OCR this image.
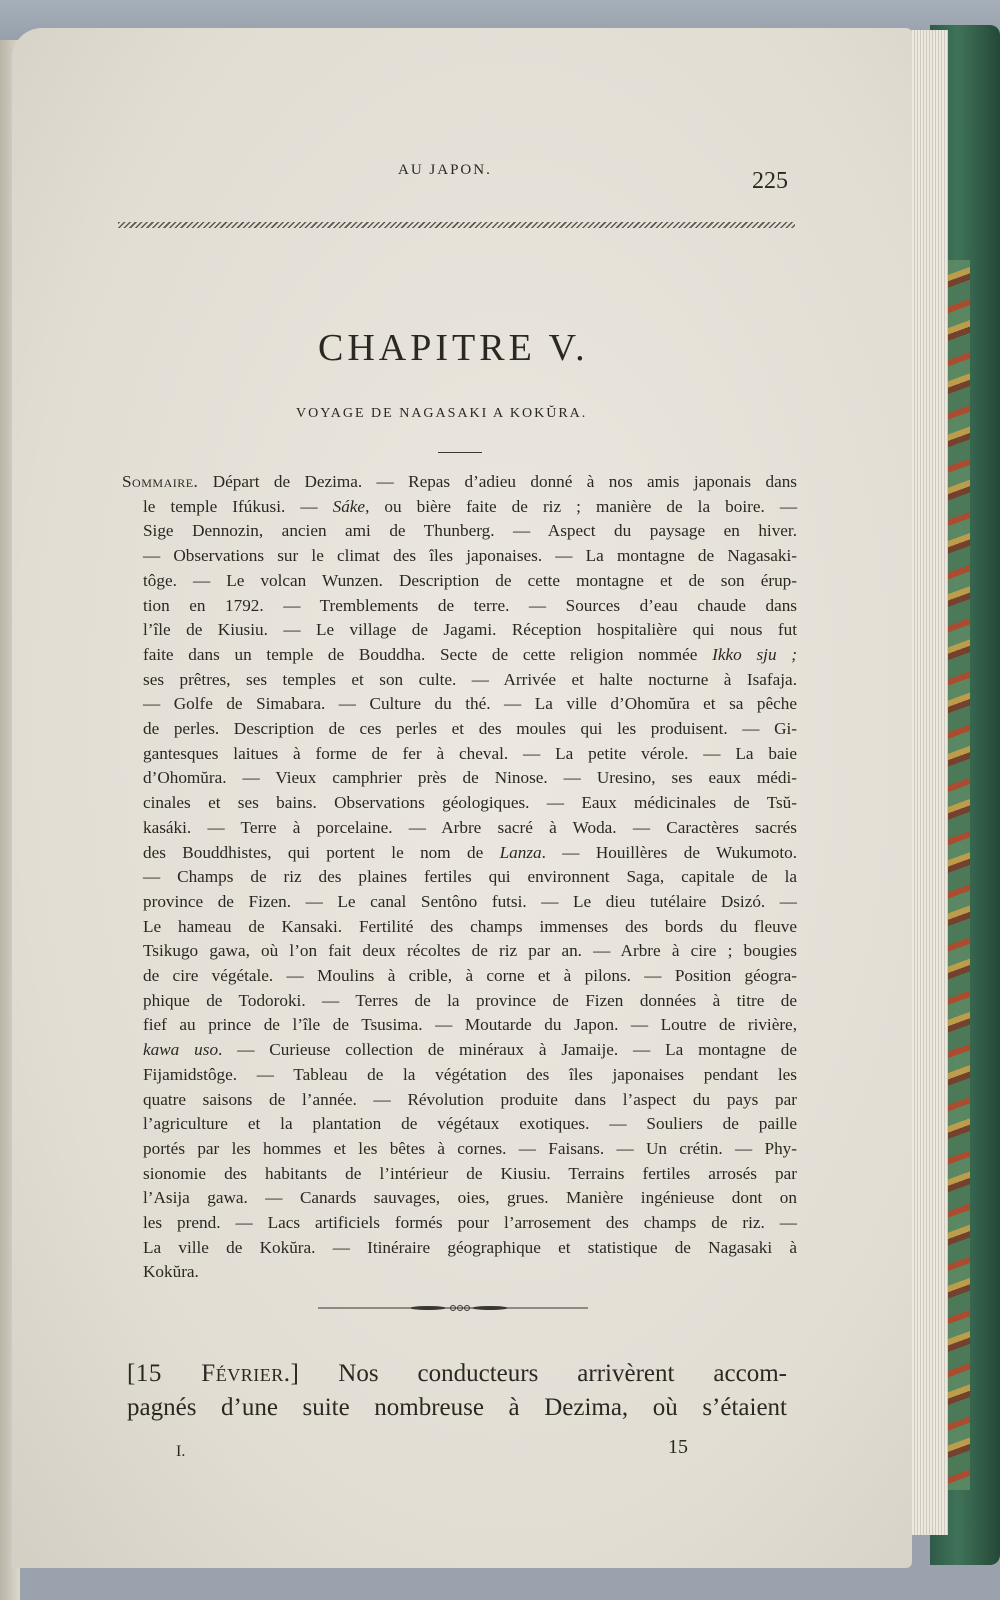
AU JAPON.	225
CHAPITRE V.
VOYAGE DE NAGASAKI A KOKŬRA.
Sommaire. Départ de Dezima. — Repas d’adieu donné à nos amis japonais dans
le temple Ifúkusi. — Sáke, ou bière faite de riz ; manière de la boire. —
Sige Dennozin, ancien ami de Thunberg. — Aspect du paysage en hiver.
— Observations sur le climat des îles japonaises. — La montagne de Nagasaki-
tôge. — Le volcan Wunzen. Description de cette montagne et de son érup-
tion en 1792. — Tremblements de terre. — Sources d’eau chaude dans
l’île de Kiusiu. — Le village de Jagami. Réception hospitalière qui nous fut
faite dans un temple de Bouddha. Secte de cette religion nommée Ikko sju ;
ses prêtres, ses temples et son culte. — Arrivée et halte nocturne à Isafaja.
— Golfe de Simabara. — Culture du thé. — La ville d’Ohomŭra et sa pêche
de perles. Description de ces perles et des moules qui les produisent. — Gi-
gantesques laitues à forme de fer à cheval. — La petite vérole. — La baie
d’Ohomŭra. — Vieux camphrier près de Ninose. — Uresino, ses eaux médi-
cinales et ses bains. Observations géologiques. — Eaux médicinales de Tsŭ-
kasáki. — Terre à porcelaine. — Arbre sacré à Woda. — Caractères sacrés
des Bouddhistes, qui portent le nom de Lanza. — Houillères de Wukumoto.
— Champs de riz des plaines fertiles qui environnent Saga, capitale de la
province de Fizen. — Le canal Sentôno futsi. — Le dieu tutélaire Dsizó. —
Le hameau de Kansaki. Fertilité des champs immenses des bords du fleuve
Tsikugo gawa, où l’on fait deux récoltes de riz par an. — Arbre à cire ; bougies
de cire végétale. — Moulins à crible, à corne et à pilons. — Position géogra-
phique de Todoroki. — Terres de la province de Fizen données à titre de
fief au prince de l’île de Tsusima. — Moutarde du Japon. — Loutre de rivière,
kawa uso. — Curieuse collection de minéraux à Jamaije. — La montagne de
Fijamidstôge. — Tableau de la végétation des îles japonaises pendant les
quatre saisons de l’année. — Révolution produite dans l’aspect du pays par
l’agriculture et la plantation de végétaux exotiques. — Souliers de paille
portés par les hommes et les bêtes à cornes. — Faisans. — Un crétin. — Phy-
sionomie des habitants de l’intérieur de Kiusiu. Terrains fertiles arrosés par
l’Asija gawa. — Canards sauvages, oies, grues. Manière ingénieuse dont on
les prend. — Lacs artificiels formés pour l’arrosement des champs de riz. —
La ville de Kokŭra. — Itinéraire géographique et statistique de Nagasaki à
Kokŭra.
[15 Février.] Nos conducteurs arrivèrent accom-
pagnés d’une suite nombreuse à Dezima, où s’étaient
I.	15
